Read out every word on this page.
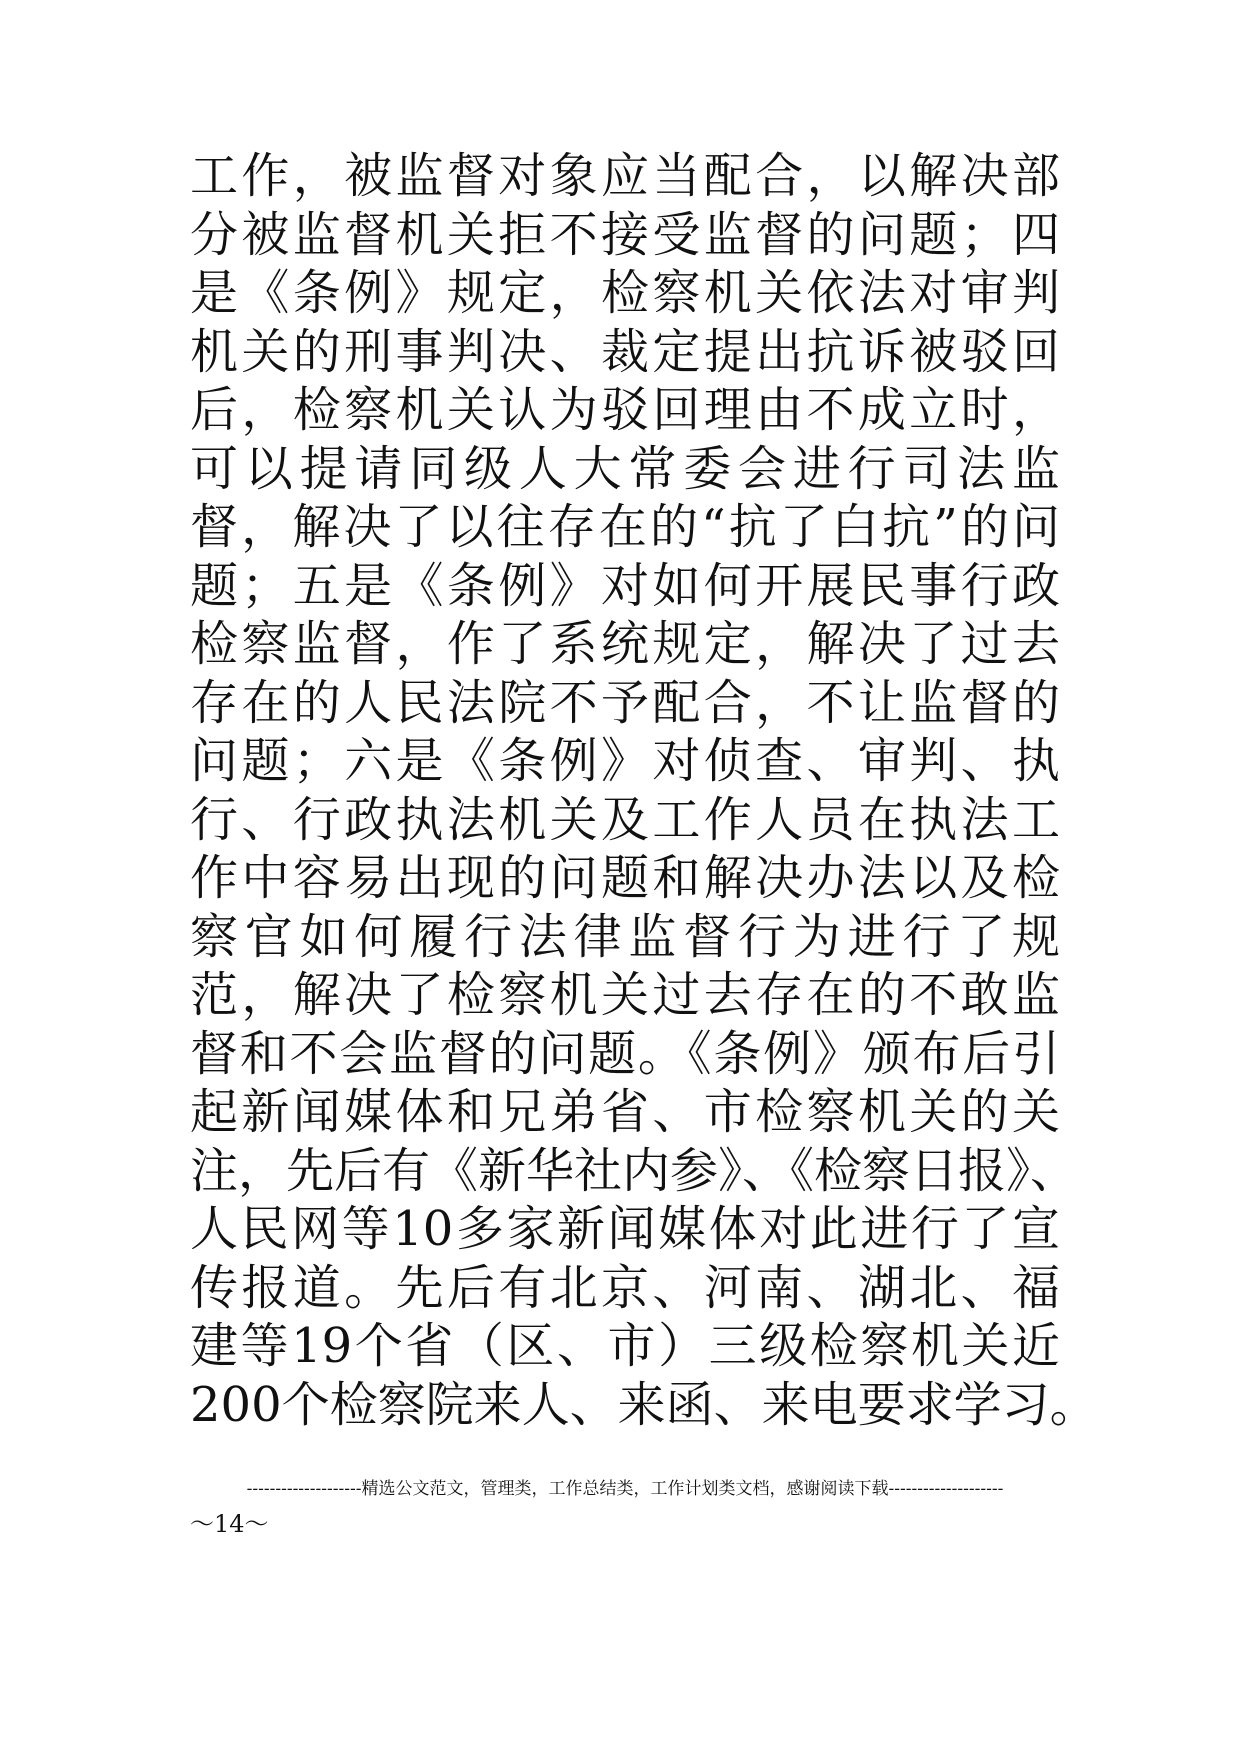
工作，被监督对象应当配合，以解决部
分被监督机关拒不接受监督的问题；四
是《条例》规定，检察机关依法对审判
机关的刑事判决、裁定提出抗诉被驳回
后，检察机关认为驳回理由不成立时，
可以提请同级人大常委会进行司法监
督，解决了以往存在的“抗了白抗”的问
题；五是《条例》对如何开展民事行政
检察监督，作了系统规定，解决了过去
存在的人民法院不予配合，不让监督的
问题；六是《条例》对侦查、审判、执
行、行政执法机关及工作人员在执法工
作中容易出现的问题和解决办法以及检
察官如何履行法律监督行为进行了规
范，解决了检察机关过去存在的不敢监
督和不会监督的问题。《条例》颁布后引
起新闻媒体和兄弟省、市检察机关的关
注，先后有《新华社内参》、《检察日报》、
人民网等10多家新闻媒体对此进行了宣
传报道。先后有北京、河南、湖北、福
建等19个省（区、市）三级检察机关近
200个检察院来人、来函、来电要求学习。
--------------------精选公文范文，管理类，工作总结类，工作计划类文档，感谢阅读下载--------------------
～14～
